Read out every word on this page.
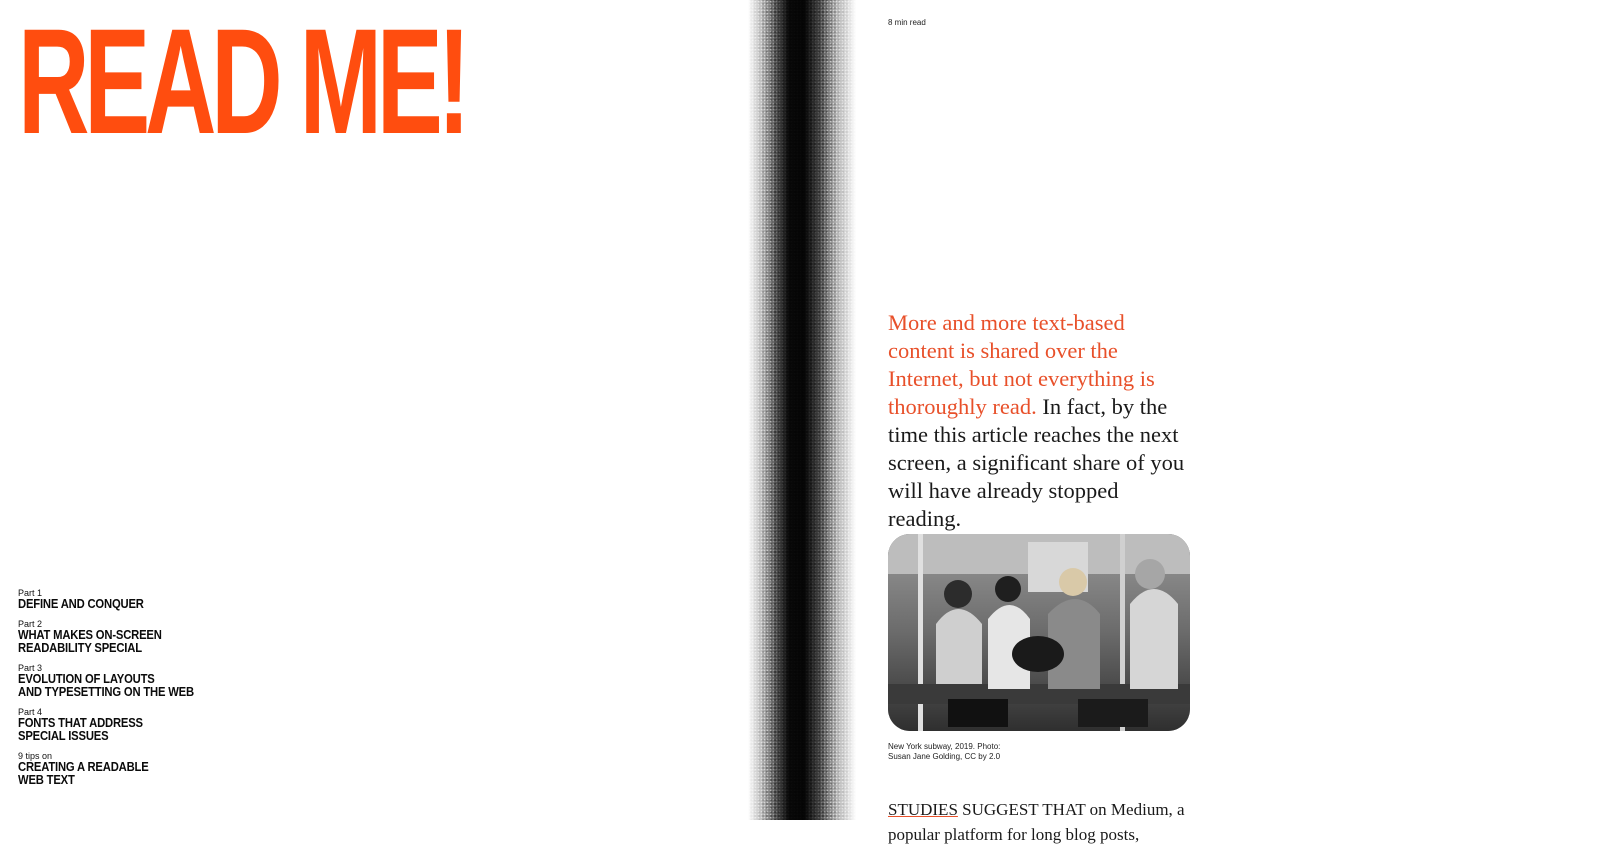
READ ME!
Part 1
DEFINE AND CONQUER
Part 2
WHAT MAKES ON-SCREEN
READABILITY SPECIAL
Part 3
EVOLUTION OF LAYOUTS
AND TYPESETTING ON THE WEB
Part 4
FONTS THAT ADDRESS
SPECIAL ISSUES
9 tips on
CREATING A READABLE
WEB TEXT
8 min read

More and more text-based content is shared over the Internet, but not everything is thoroughly read. In fact, by the time this article reaches the next screen, a significant share of you will have already stopped reading.

New York subway, 2019. Photo:
Susan Jane Golding, CC by 2.0

STUDIES SUGGEST THAT on Medium, a popular platform for long blog posts,
